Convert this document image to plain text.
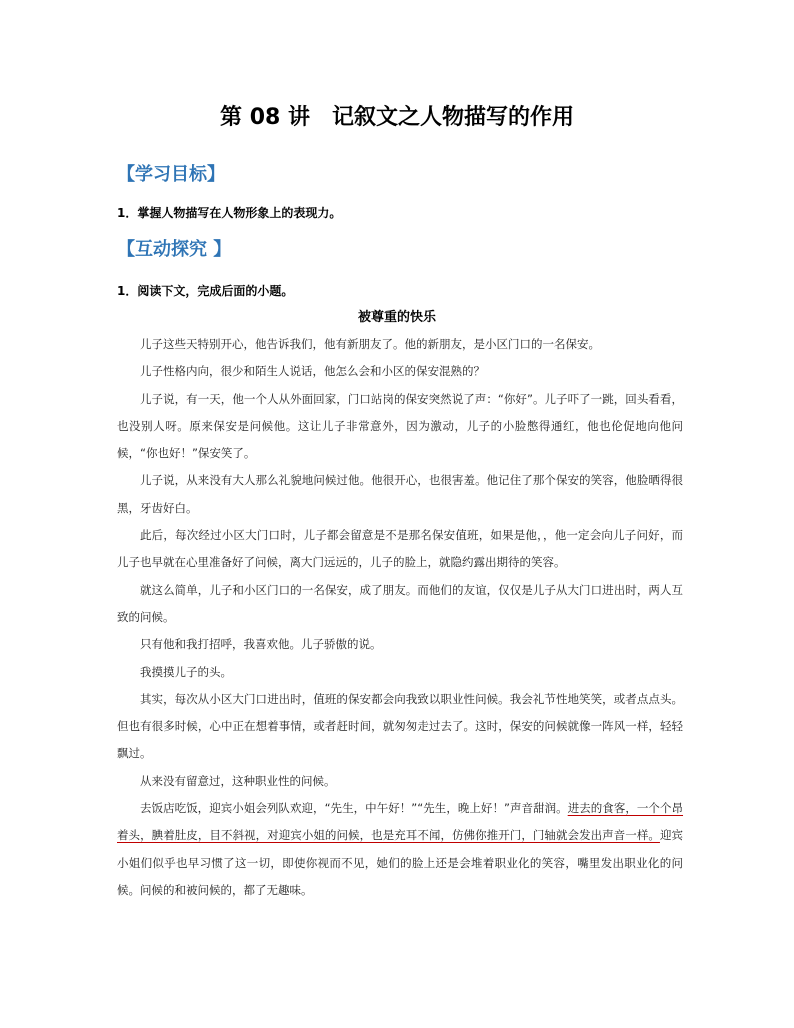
第 08 讲　记叙文之人物描写的作用
【学习目标】
1．掌握人物描写在人物形象上的表现力。
【互动探究 】
1．阅读下文，完成后面的小题。
被尊重的快乐

儿子这些天特别开心，他告诉我们，他有新朋友了。他的新朋友，是小区门口的一名保安。

儿子性格内向，很少和陌生人说话，他怎么会和小区的保安混熟的？

儿子说，有一天，他一个人从外面回家，门口站岗的保安突然说了声：“你好”。儿子吓了一跳，回头看看，也没别人呀。原来保安是问候他。这让儿子非常意外，因为激动，儿子的小脸憋得通红，他也伦促地向他问候，“你也好！”保安笑了。

儿子说，从来没有大人那么礼貌地问候过他。他很开心，也很害羞。他记住了那个保安的笑容，他脸晒得很黑，牙齿好白。

此后，每次经过小区大门口时，儿子都会留意是不是那名保安值班，如果是他，，他一定会向儿子问好，而儿子也早就在心里准备好了问候，离大门远远的，儿子的脸上，就隐约露出期待的笑容。

就这么简单，儿子和小区门口的一名保安，成了朋友。而他们的友谊，仅仅是儿子从大门口进出时，两人互致的问候。

只有他和我打招呼，我喜欢他。儿子骄傲的说。

我摸摸儿子的头。

其实，每次从小区大门口进出时，值班的保安都会向我致以职业性问候。我会礼节性地笑笑，或者点点头。但也有很多时候，心中正在想着事情，或者赶时间，就匆匆走过去了。这时，保安的问候就像一阵风一样，轻轻飘过。

从来没有留意过，这种职业性的问候。

去饭店吃饭，迎宾小姐会列队欢迎，“先生，中午好！”“先生，晚上好！”声音甜润。进去的食客，一个个昂着头，腆着肚皮，目不斜视，对迎宾小姐的问候，也是充耳不闻，仿佛你推开门，门轴就会发出声音一样。迎宾小姐们似乎也早习惯了这一切，即使你视而不见，她们的脸上还是会堆着职业化的笑容，嘴里发出职业化的问候。问候的和被问候的，都了无趣味。
